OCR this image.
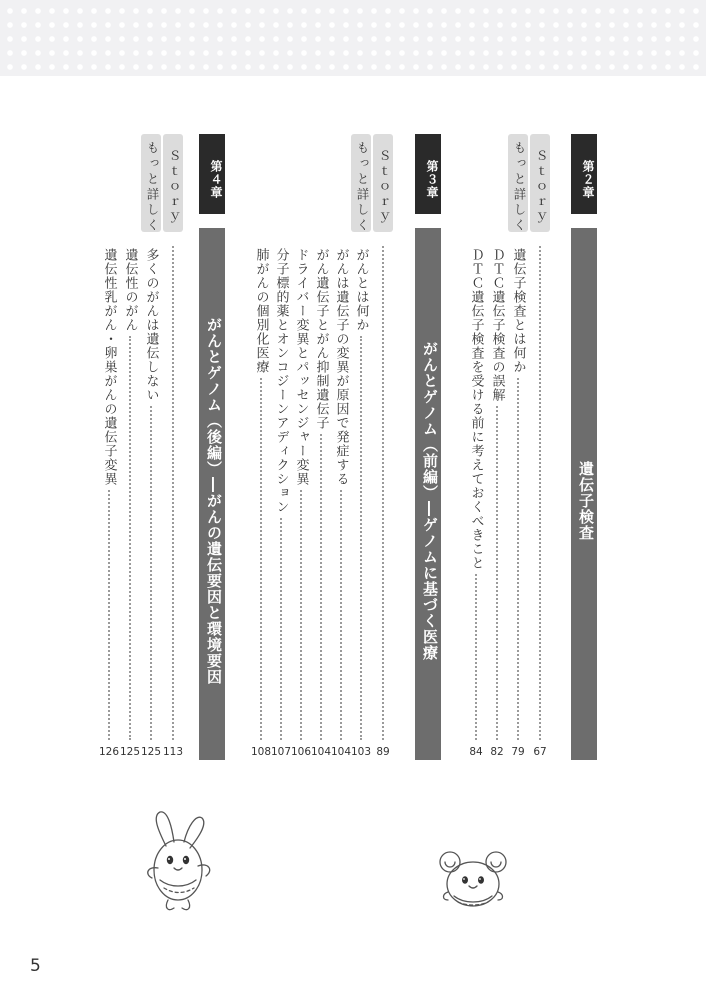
第２章
遺伝子検査
Ｓｔｏｒｙ
もっと詳しく
67
遺伝子検査とは何か
79
ＤＴＣ遺伝子検査の誤解
82
ＤＴＣ遺伝子検査を受ける前に考えておくべきこと
84
第３章
がんとゲノム（前編）―ゲノムに基づく医療
Ｓｔｏｒｙ
もっと詳しく
89
がんとは何か
103
がんは遺伝子の変異が原因で発症する
104
がん遺伝子とがん抑制遺伝子
104
ドライバー変異とパッセンジャー変異
106
分子標的薬とオンコジーンアディクション
107
肺がんの個別化医療
108
第４章
がんとゲノム（後編）―がんの遺伝要因と環境要因
Ｓｔｏｒｙ
もっと詳しく
113
多くのがんは遺伝しない
125
遺伝性のがん
125
遺伝性乳がん・卵巣がんの遺伝子変異
126
5
